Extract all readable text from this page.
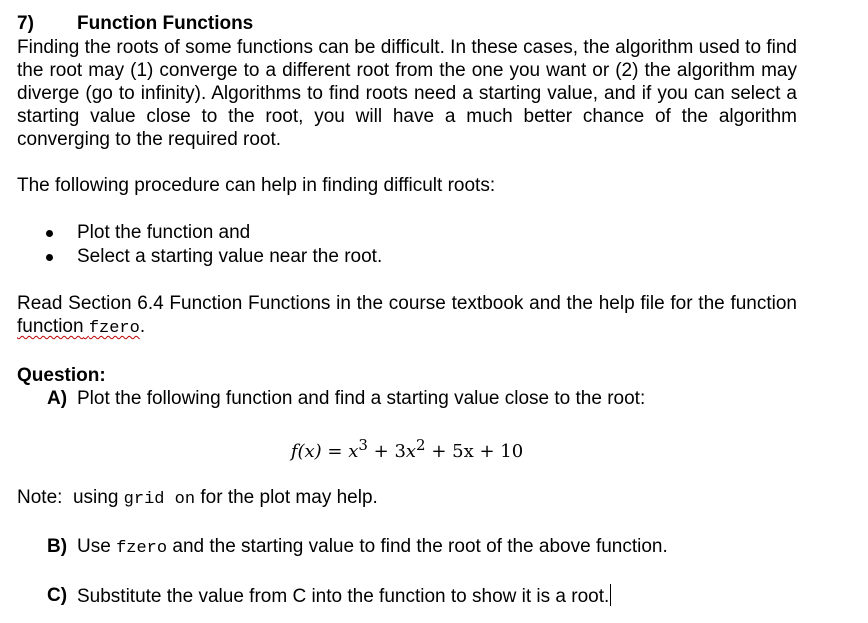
7) Function Functions

Finding the roots of some functions can be difficult. In these cases, the algorithm used to find the root may (1) converge to a different root from the one you want or (2) the algorithm may diverge (go to infinity). Algorithms to find roots need a starting value, and if you can select a starting value close to the root, you will have a much better chance of the algorithm converging to the required root.

The following procedure can help in finding difficult roots:

Plot the function and
Select a starting value near the root.

Read Section 6.4 Function Functions in the course textbook and the help file for the function function fzero.

Question:
A) Plot the following function and find a starting value close to the root:
$f(x) = x^3 + 3x^2 + 5x + 10$
Note:  using grid on for the plot may help.
B) Use fzero and the starting value to find the root of the above function.
C) Substitute the value from C into the function to show it is a root.
